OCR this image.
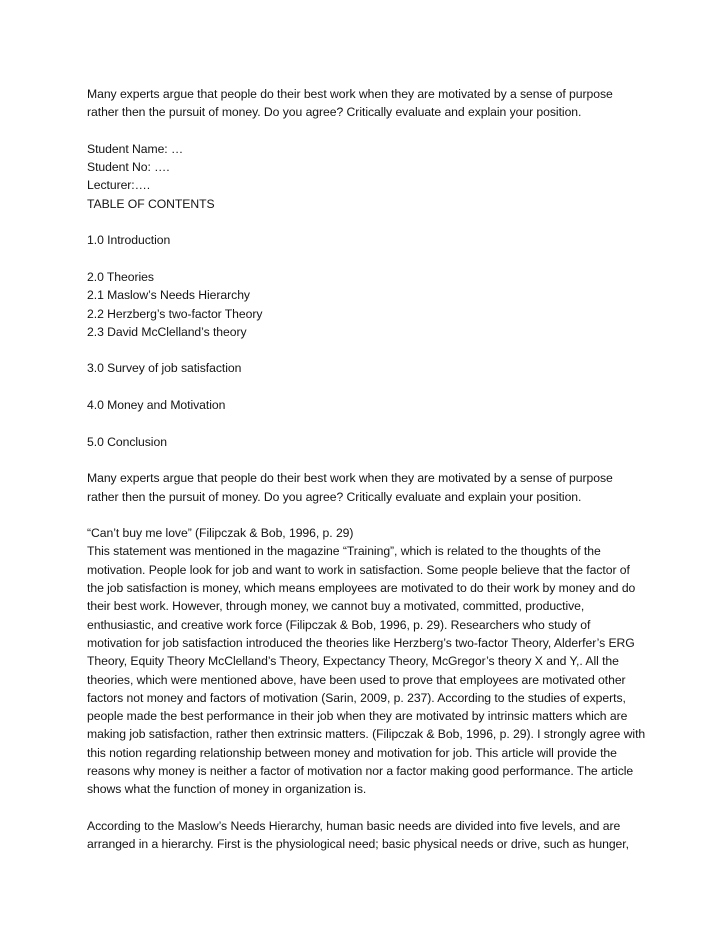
Many experts argue that people do their best work when they are motivated by a sense of purpose
rather then the pursuit of money. Do you agree? Critically evaluate and explain your position.
Student Name: …
Student No: ….
Lecturer:….
TABLE OF CONTENTS
1.0 Introduction
2.0 Theories
2.1 Maslow’s Needs Hierarchy
2.2 Herzberg’s two-factor Theory
2.3 David McClelland’s theory
3.0 Survey of job satisfaction
4.0 Money and Motivation
5.0 Conclusion
Many experts argue that people do their best work when they are motivated by a sense of purpose
rather then the pursuit of money. Do you agree? Critically evaluate and explain your position.
“Can’t buy me love” (Filipczak & Bob, 1996, p. 29)
This statement was mentioned in the magazine “Training”, which is related to the thoughts of the
motivation. People look for job and want to work in satisfaction. Some people believe that the factor of
the job satisfaction is money, which means employees are motivated to do their work by money and do
their best work. However, through money, we cannot buy a motivated, committed, productive,
enthusiastic, and creative work force (Filipczak & Bob, 1996, p. 29). Researchers who study of
motivation for job satisfaction introduced the theories like Herzberg’s two-factor Theory, Alderfer’s ERG
Theory, Equity Theory McClelland’s Theory, Expectancy Theory, McGregor’s theory X and Y,. All the
theories, which were mentioned above, have been used to prove that employees are motivated other
factors not money and factors of motivation (Sarin, 2009, p. 237). According to the studies of experts,
people made the best performance in their job when they are motivated by intrinsic matters which are
making job satisfaction, rather then extrinsic matters. (Filipczak & Bob, 1996, p. 29). I strongly agree with
this notion regarding relationship between money and motivation for job. This article will provide the
reasons why money is neither a factor of motivation nor a factor making good performance. The article
shows what the function of money in organization is.
According to the Maslow’s Needs Hierarchy, human basic needs are divided into five levels, and are
arranged in a hierarchy. First is the physiological need; basic physical needs or drive, such as hunger,
